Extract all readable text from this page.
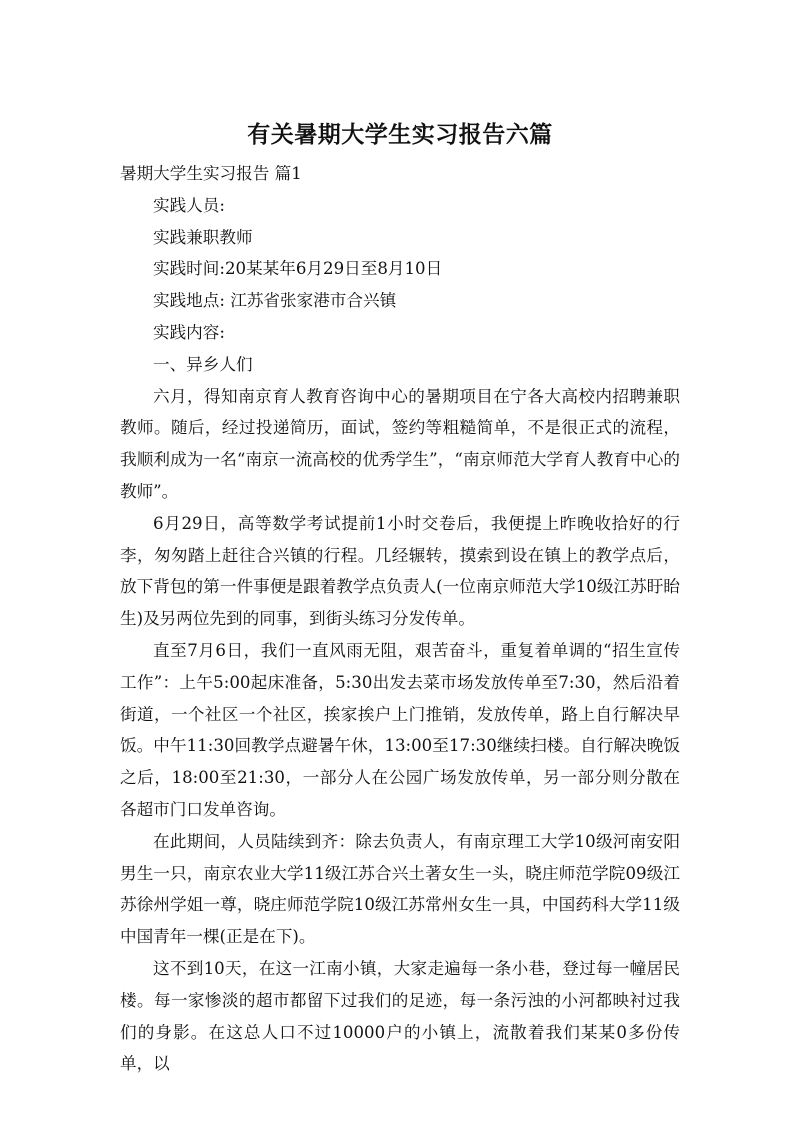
有关暑期大学生实习报告六篇

暑期大学生实习报告 篇1

实践人员:

实践兼职教师

实践时间:20某某年6月29日至8月10日

实践地点: 江苏省张家港市合兴镇

实践内容:

一、异乡人们

六月，得知南京育人教育咨询中心的暑期项目在宁各大高校内招聘兼职教师。随后，经过投递简历，面试，签约等粗糙简单，不是很正式的流程，我顺利成为一名“南京一流高校的优秀学生”，“南京师范大学育人教育中心的教师”。

6月29日，高等数学考试提前1小时交卷后，我便提上昨晚收拾好的行李，匆匆踏上赶往合兴镇的行程。几经辗转，摸索到设在镇上的教学点后，放下背包的第一件事便是跟着教学点负责人(一位南京师范大学10级江苏盱眙生)及另两位先到的同事，到街头练习分发传单。

直至7月6日，我们一直风雨无阻，艰苦奋斗，重复着单调的“招生宣传工作”：上午5:00起床准备，5:30出发去菜市场发放传单至7:30，然后沿着街道，一个社区一个社区，挨家挨户上门推销，发放传单，路上自行解决早饭。中午11:30回教学点避暑午休，13:00至17:30继续扫楼。自行解决晚饭之后，18:00至21:30，一部分人在公园广场发放传单，另一部分则分散在各超市门口发单咨询。

在此期间，人员陆续到齐：除去负责人，有南京理工大学10级河南安阳男生一只，南京农业大学11级江苏合兴土著女生一头，晓庄师范学院09级江苏徐州学姐一尊，晓庄师范学院10级江苏常州女生一具，中国药科大学11级中国青年一棵(正是在下)。

这不到10天，在这一江南小镇，大家走遍每一条小巷，登过每一幢居民楼。每一家惨淡的超市都留下过我们的足迹，每一条污浊的小河都映衬过我们的身影。在这总人口不过10000户的小镇上，流散着我们某某0多份传单，以
